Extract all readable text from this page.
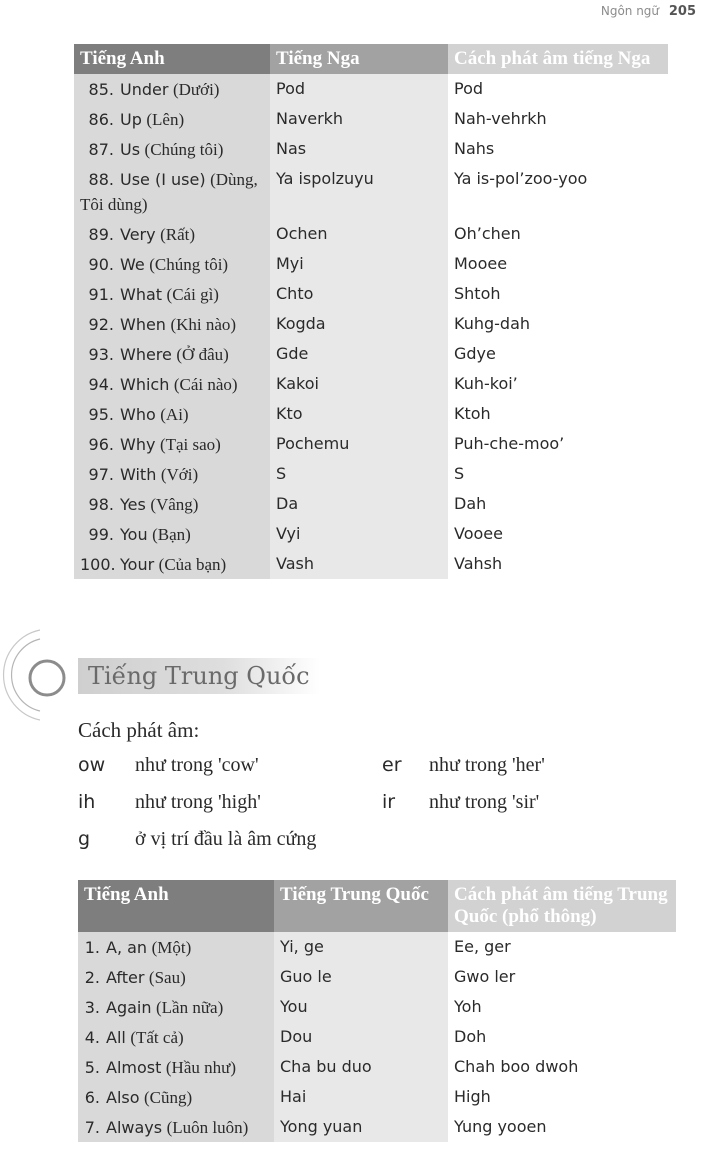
Ngôn ngữ 205
Tiếng Anh	Tiếng Nga	Cách phát âm tiếng Nga
85. Under (Dưới)	Pod	Pod
86. Up (Lên)	Naverkh	Nah-vehrkh
87. Us (Chúng tôi)	Nas	Nahs
88. Use (I use) (Dùng, Tôi dùng)	Ya ispolzuyu	Ya is-pol’zoo-yoo
89. Very (Rất)	Ochen	Oh’chen
90. We (Chúng tôi)	Myi	Mooee
91. What (Cái gì)	Chto	Shtoh
92. When (Khi nào)	Kogda	Kuhg-dah
93. Where (Ở đâu)	Gde	Gdye
94. Which (Cái nào)	Kakoi	Kuh-koi’
95. Who (Ai)	Kto	Ktoh
96. Why (Tại sao)	Pochemu	Puh-che-moo’
97. With (Với)	S	S
98. Yes (Vâng)	Da	Dah
99. You (Bạn)	Vyi	Vooee
100. Your (Của bạn)	Vash	Vahsh
Tiếng Trung Quốc
Cách phát âm:
ow như trong 'cow'	er như trong 'her'
ih như trong 'high'	ir như trong 'sir'
g ở vị trí đầu là âm cứng
Tiếng Anh	Tiếng Trung Quốc	Cách phát âm tiếng Trung Quốc (phổ thông)
1. A, an (Một)	Yi, ge	Ee, ger
2. After (Sau)	Guo le	Gwo ler
3. Again (Lần nữa)	You	Yoh
4. All (Tất cả)	Dou	Doh
5. Almost (Hầu như)	Cha bu duo	Chah boo dwoh
6. Also (Cũng)	Hai	High
7. Always (Luôn luôn)	Yong yuan	Yung yooen
